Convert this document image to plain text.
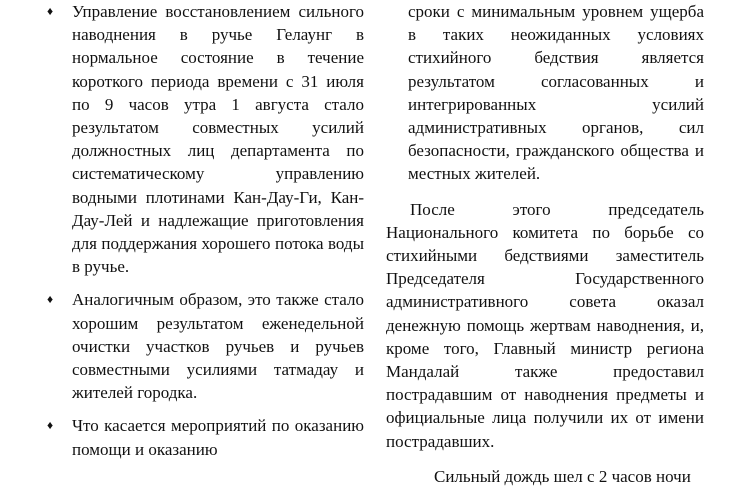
♦ Управление восстановлением сильного наводнения в ручье Гелаунг в нормальное состояние в течение короткого периода времени с 31 июля по 9 часов утра 1 августа стало результатом совместных усилий должностных лиц департамента по систематическому управлению водными плотинами Кан-Дау-Ги, Кан-Дау-Лей и надлежащие приготовления для поддержания хорошего потока воды в ручье.
♦ Аналогичным образом, это также стало хорошим результатом еженедельной очистки участков ручьев и ручьев совместными усилиями татмадау и жителей городка.
♦ Что касается мероприятий по оказанию помощи и оказанию
сроки с минимальным уровнем ущерба в таких неожиданных условиях стихийного бедствия является результатом согласованных и интегрированных усилий административных органов, сил безопасности, гражданского общества и местных жителей.
После этого председатель Национального комитета по борьбе со стихийными бедствиями заместитель Председателя Государственного административного совета оказал денежную помощь жертвам наводнения, и, кроме того, Главный министр региона Мандалай также предоставил пострадавшим от наводнения предметы и официальные лица получили их от имени пострадавших.
Сильный дождь шел с 2 часов ночи
